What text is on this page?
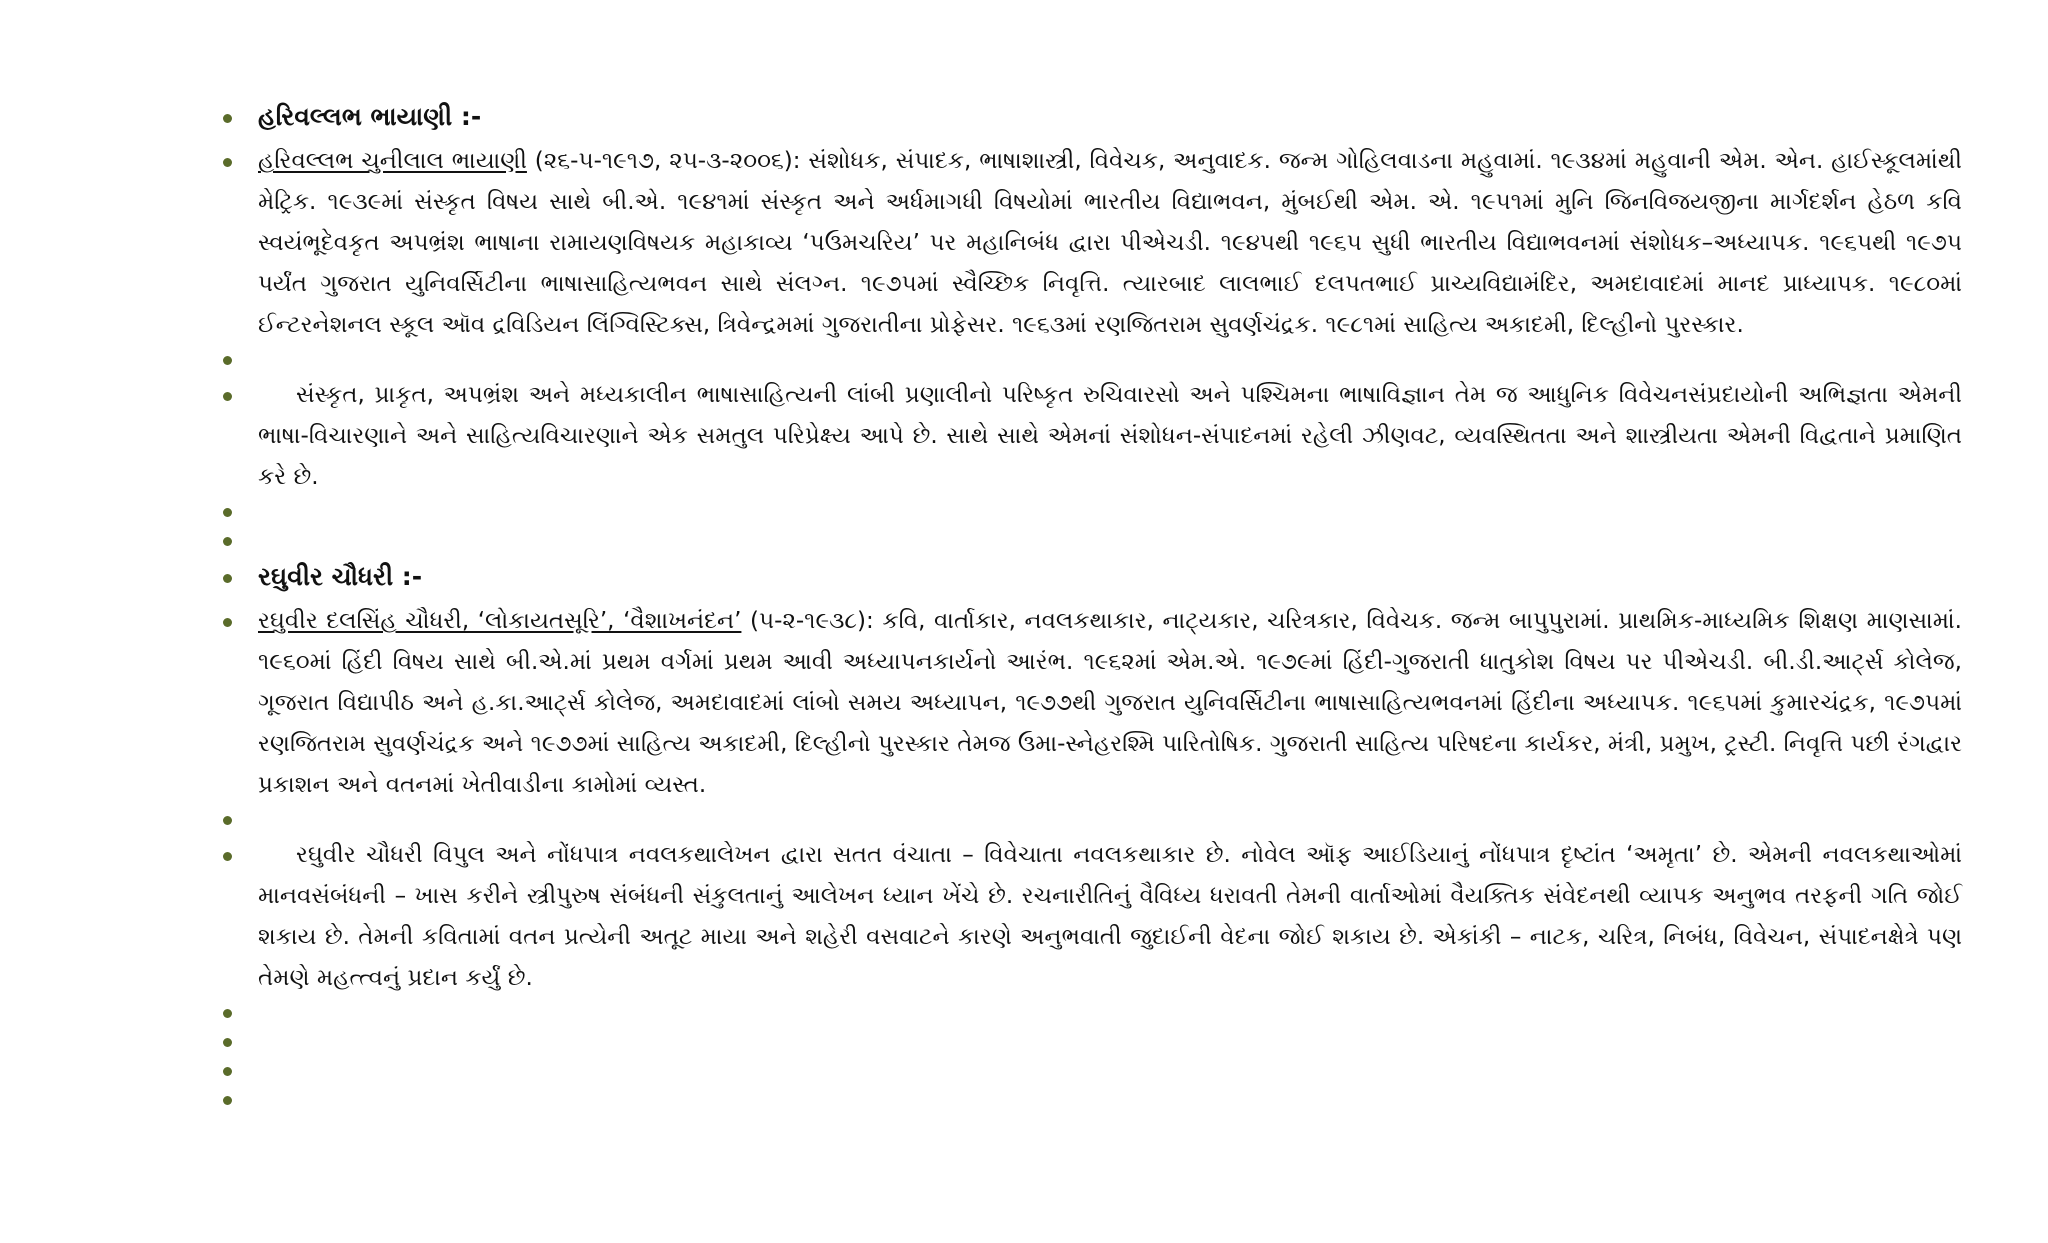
હરિવલ્લભ ભાયાણી :-
હરિવલ્લભ ચુનીલાલ ભાયાણી (૨૬-૫-૧૯૧૭, ૨૫-૩-૨૦૦૬): સંશોધક, સંપાદક, ભાષાશાસ્ત્રી, વિવેચક, અનુવાદક. જન્મ ગોહિલવાડના મહુવામાં. ૧૯૩૪માં મહુવાની એમ. એન. હાઈસ્કૂલમાંથી મેટ્રિક. ૧૯૩૯માં સંસ્કૃત વિષય સાથે બી.એ. ૧૯૪૧માં સંસ્કૃત અને અર્ધમાગધી વિષયોમાં ભારતીય વિદ્યાભવન, મુંબઈથી એમ. એ. ૧૯૫૧માં મુનિ જિનવિજયજીના માર્ગદર્શન હેઠળ કવિ સ્વયંભૂદેવકૃત અપભ્રંશ ભાષાના રામાયણવિષયક મહાકાવ્ય ‘પઉમચરિય’ પર મહાનિબંધ દ્વારા પીએચડી. ૧૯૪૫થી ૧૯૬૫ સુધી ભારતીય વિદ્યાભવનમાં સંશોધક–અધ્યાપક. ૧૯૬૫થી ૧૯૭૫ પર્યંત ગુજરાત યુનિવર્સિટીના ભાષાસાહિત્યભવન સાથે સંલગ્ન. ૧૯૭૫માં સ્વૈચ્છિક નિવૃત્તિ. ત્યારબાદ લાલભાઈ દલપતભાઈ પ્રાચ્યવિદ્યામંદિર, અમદાવાદમાં માનદ પ્રાધ્યાપક. ૧૯૮૦માં ઈન્ટરનેશનલ સ્કૂલ ઑવ દ્રવિડિયન લિંગ્વિસ્ટિક્સ, ત્રિવેન્દ્રમમાં ગુજરાતીના પ્રોફેસર. ૧૯૬૩માં રણજિતરામ સુવર્ણચંદ્રક. ૧૯૮૧માં સાહિત્ય અકાદમી, દિલ્હીનો પુરસ્કાર.
સંસ્કૃત, પ્રાકૃત, અપભ્રંશ અને મધ્યકાલીન ભાષાસાહિત્યની લાંબી પ્રણાલીનો પરિષ્કૃત રુચિવારસો અને પશ્ચિમના ભાષાવિજ્ઞાન તેમ જ આધુનિક વિવેચનસંપ્રદાયોની અભિજ્ઞતા એમની ભાષા-વિચારણાને અને સાહિત્યવિચારણાને એક સમતુલ પરિપ્રેક્ષ્ય આપે છે. સાથે સાથે એમનાં સંશોધન-સંપાદનમાં રહેલી ઝીણવટ, વ્યવસ્થિતતા અને શાસ્ત્રીયતા એમની વિદ્વતાને પ્રમાણિત કરે છે.
રઘુવીર ચૌધરી :-
રઘુવીર દલસિંહ ચૌધરી, ‘લોકાયતસૂરિ’, ‘વૈશાખનંદન’ (૫-૨-૧૯૩૮): કવિ, વાર્તાકાર, નવલકથાકાર, નાટ્યકાર, ચરિત્રકાર, વિવેચક. જન્મ બાપુપુરામાં. પ્રાથમિક-માધ્યમિક શિક્ષણ માણસામાં. ૧૯૬૦માં હિંદી વિષય સાથે બી.એ.માં પ્રથમ વર્ગમાં પ્રથમ આવી અધ્યાપનકાર્યનો આરંભ. ૧૯૬૨માં એમ.એ. ૧૯૭૯માં હિંદી-ગુજરાતી ધાતુકોશ વિષય પર પીએચડી. બી.ડી.આર્ટ્સ કોલેજ, ગૂજરાત વિદ્યાપીઠ અને હ.કા.આર્ટ્સ કોલેજ, અમદાવાદમાં લાંબો સમય અધ્યાપન, ૧૯૭૭થી ગુજરાત યુનિવર્સિટીના ભાષાસાહિત્યભવનમાં હિંદીના અધ્યાપક. ૧૯૬૫માં કુમારચંદ્રક, ૧૯૭૫માં રણજિતરામ સુવર્ણચંદ્રક અને ૧૯૭૭માં સાહિત્ય અકાદમી, દિલ્હીનો પુરસ્કાર તેમજ ઉમા-સ્નેહરશ્મિ પારિતોષિક. ગુજરાતી સાહિત્ય પરિષદના કાર્યકર, મંત્રી, પ્રમુખ, ટ્રસ્ટી. નિવૃત્તિ પછી રંગદ્વાર પ્રકાશન અને વતનમાં ખેતીવાડીના કામોમાં વ્યસ્ત.
રઘુવીર ચૌધરી વિપુલ અને નોંધપાત્ર નવલકથાલેખન દ્વારા સતત વંચાતા – વિવેચાતા નવલકથાકાર છે. નોવેલ ઑફ આઈડિયાનું નોંધપાત્ર દૃષ્ટાંત ‘અમૃતા’ છે. એમની નવલકથાઓમાં માનવસંબંધની – ખાસ કરીને સ્ત્રીપુરુષ સંબંધની સંકુલતાનું આલેખન ધ્યાન ખેંચે છે. રચનારીતિનું વૈવિધ્ય ધરાવતી તેમની વાર્તાઓમાં વૈયક્તિક સંવેદનથી વ્યાપક અનુભવ તરફની ગતિ જોઈ શકાય છે. તેમની કવિતામાં વતન પ્રત્યેની અતૂટ માયા અને શહેરી વસવાટને કારણે અનુભવાતી જુદાઈની વેદના જોઈ શકાય છે. એકાંકી – નાટક, ચરિત્ર, નિબંધ, વિવેચન, સંપાદનક્ષેત્રે પણ તેમણે મહત્ત્વનું પ્રદાન કર્યું છે.
